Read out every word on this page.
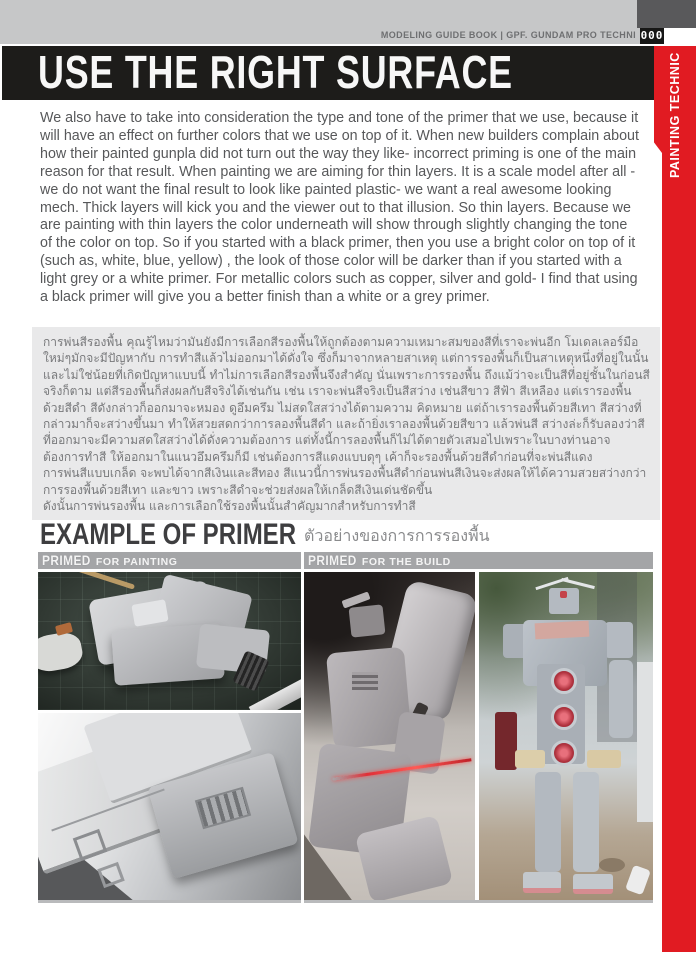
MODELING GUIDE BOOK | GPF. GUNDAM PRO TECHNI 000
USE THE RIGHT SURFACE	PAINTING TECHNIC
We also have to take into consideration the type and tone of the primer that we use, because it will have an effect on further colors that we use on top of it. When new builders complain about how their painted gunpla did not turn out the way they like- incorrect priming is one of the main reason for that result. When painting we are aiming for thin layers. It is a scale model after all - we do not want the final result to look like painted plastic- we want a real awesome looking mech. Thick layers will kick you and the viewer out to that illusion. So thin layers. Because we are painting with thin layers the color underneath will show through slightly changing the tone of the color on top. So if you started with a black primer, then you use a bright color on top of it (such as, white, blue, yellow) , the look of those color will be darker than if you started with a light grey or a white primer. For metallic colors such as copper, silver and gold- I find that using a black primer will give you a better finish than a white or a grey primer.

การพ่นสีรองพื้น คุณรู้ไหมว่ามันยังมีการเลือกสีรองพื้นให้ถูกต้องตามความเหมาะสมของสีที่เราจะพ่นอีก โมเดลเลอร์มือใหม่ๆมักจะมีปัญหากับ การทำสีแล้วไม่ออกมาได้ดั่งใจ ซึ่งก็มาจากหลายสาเหตุ แต่การรองพื้นก็เป็นสาเหตุหนึ่งที่อยู่ในนั้น และไม่ใช่น้อยที่เกิดปัญหาแบบนี้ ทำไม่การเลือกสีรองพื้นจึงสำคัญ นั่นเพราะการรองพื้น ถึงแม้ว่าจะเป็นสีที่อยู่ชั้นในก่อนสีจริงก็ตาม แต่สีรองพื้นก็ส่งผลกับสีจริงได้เช่นกัน เช่น เราจะพ่นสีจริงเป็นสีสว่าง เช่นสีขาว สีฟ้า สีเหลือง แต่เรารองพื้นด้วยสีดำ สีดังกล่าวก็ออกมาจะหมอง ดูอึมครึม ไม่สดใสสว่างได้ตามความ คิดหมาย แต่ถ้าเรารองพื้นด้วยสีเทา สีสว่างที่กล่าวมาก็จะสว่างขึ้นมา ทำให้สวยสดกว่าการลองพื้นสีดำ และถ้ายิ่งเราลองพื้นด้วยสีขาว แล้วพ่นสี สว่างล่ะก็รับลองว่าสีที่ออกมาจะมีความสดใสสว่างได้ดั่งความต้องการ แต่ทั้งนี้การลองพื้นก็ไม่ได้ตายตัวเสมอไปเพราะในบางท่านอาจต้องการทำสี ให้ออกมาในแนวอึมครึมก็มี เช่นต้องการสีแดงแบบดุๆ เค้าก็จะรองพื้นด้วยสีดำก่อนที่จะพ่นสีแดง

การพ่นสีแบบเกล็ด จะพบได้จากสีเงินและสีทอง สีแนวนี้การพ่นรองพื้นสีดำก่อนพ่นสีเงินจะส่งผลให้ได้ความสวยสว่างกว่าการรองพื้นด้วยสีเทา และขาว เพราะสีดำจะช่วยส่งผลให้เกล็ดสีเงินเด่นชัดขึ้น

ดังนั้นการพ่นรองพื้น และการเลือกใช้รองพื้นนั้นสำคัญมากสำหรับการทำสี

EXAMPLE OF PRIMER ตัวอย่างของการการรองพื้น
PRIMED FOR PAINTING	PRIMED FOR THE BUILD
